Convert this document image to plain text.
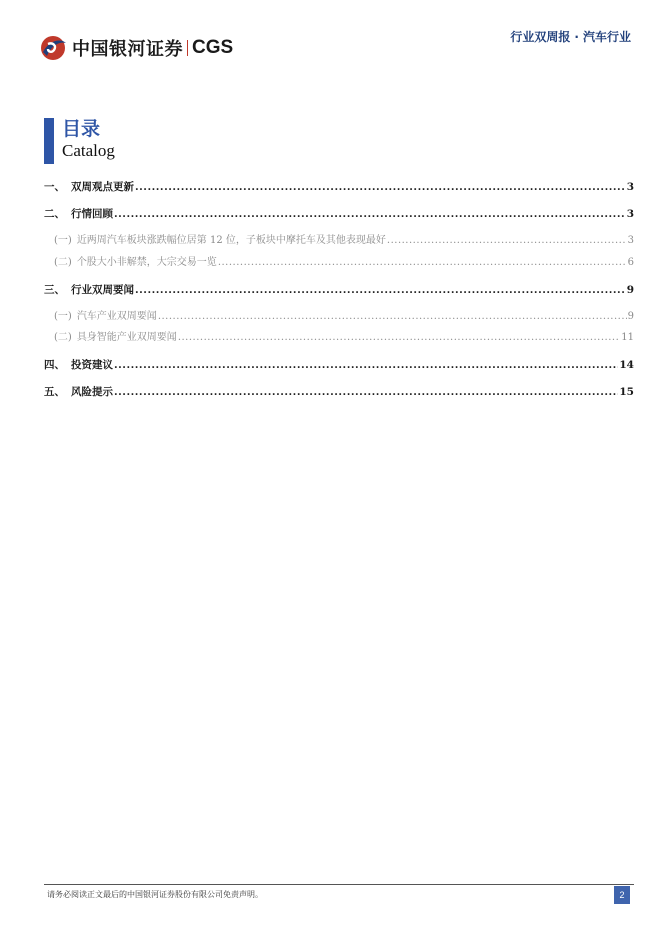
中国银河证券 CGS	行业双周报 · 汽车行业
目录
Catalog
一、 双周观点更新 .....	3
二、 行情回顾 .....	3
(一) 近两周汽车板块涨跌幅位居第 12 位，子板块中摩托车及其他表现最好 .....	3
(二) 个股大小非解禁，大宗交易一览 .....	6
三、 行业双周要闻 .....	9
(一) 汽车产业双周要闻 .....	9
(二) 具身智能产业双周要闻 .....	11
四、 投资建议 .....	14
五、 风险提示 .....	15
请务必阅读正文最后的中国银河证券股份有限公司免责声明。	2
